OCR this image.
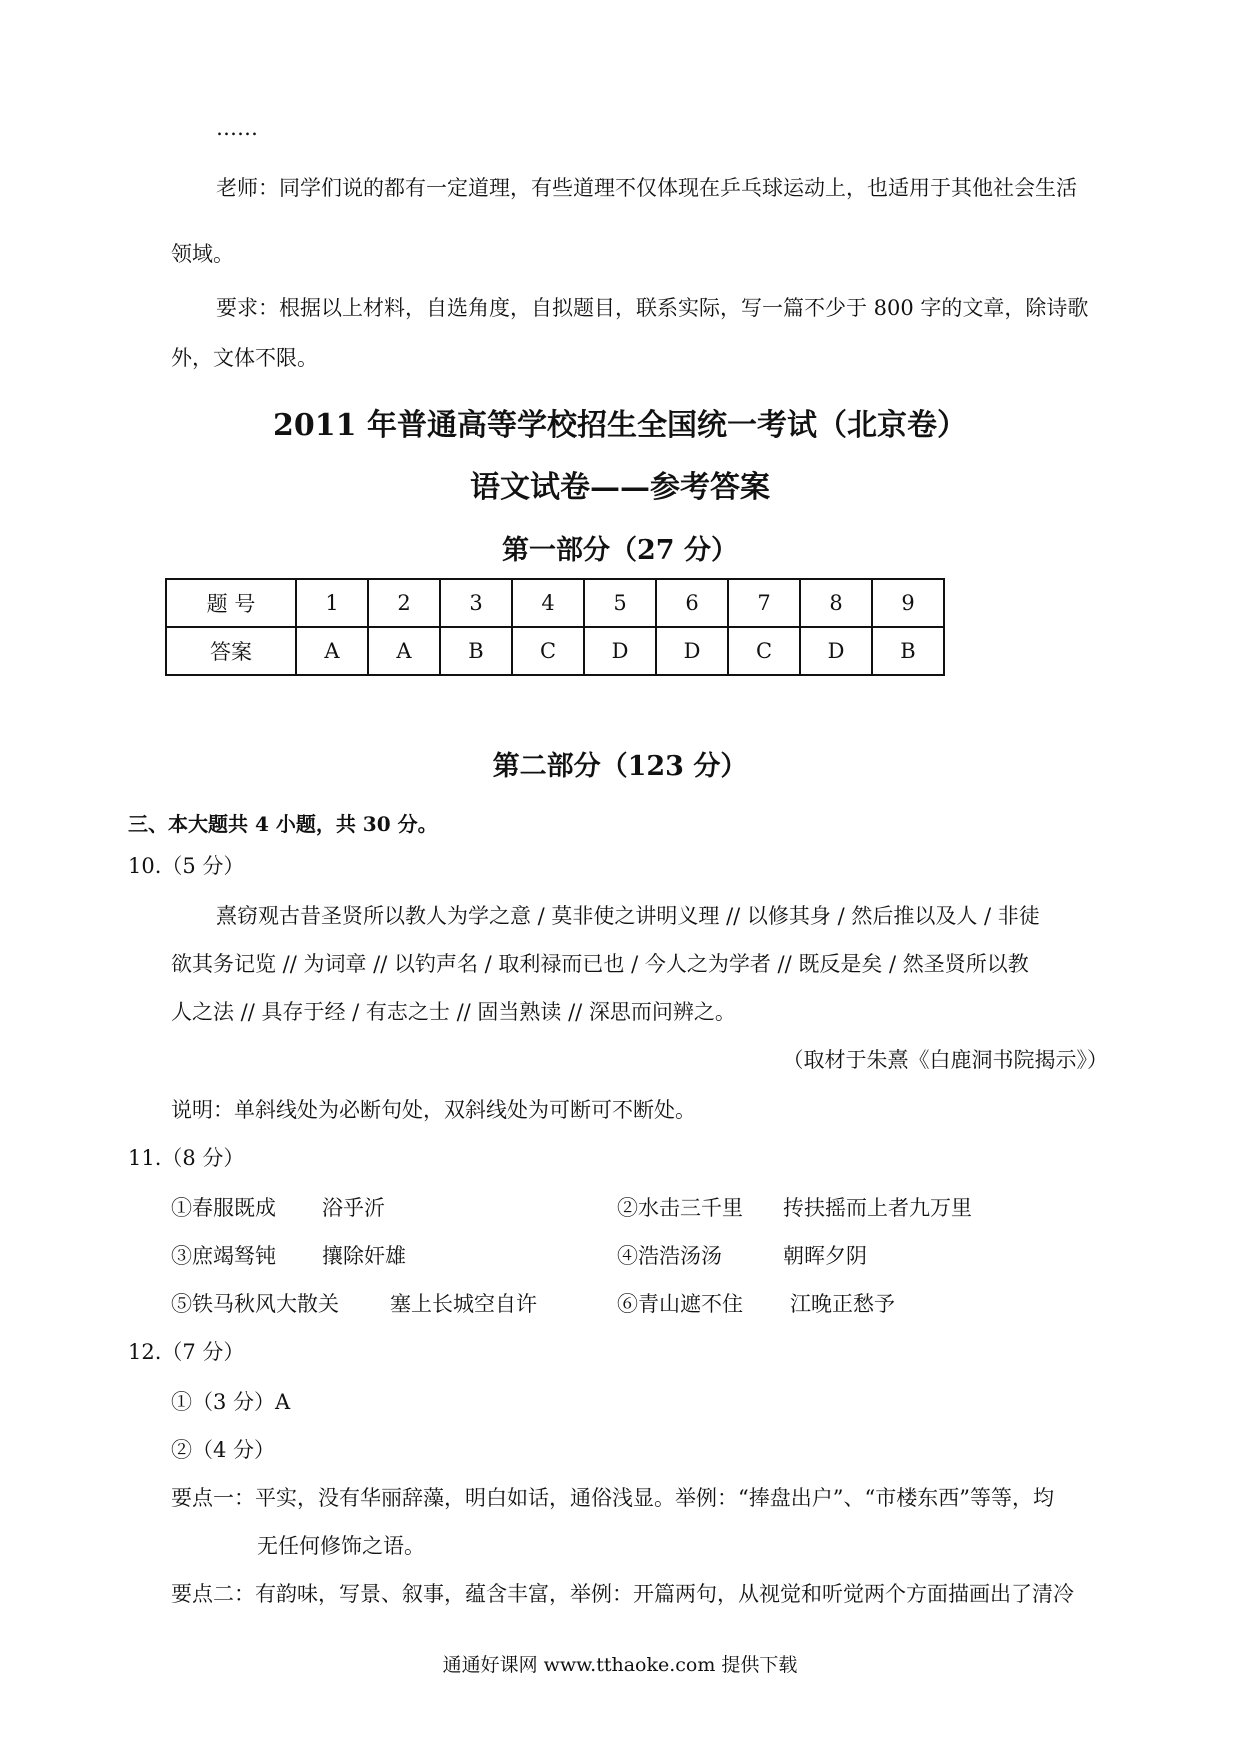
……
老师：同学们说的都有一定道理，有些道理不仅体现在乒乓球运动上，也适用于其他社会生活
领域。
要求：根据以上材料，自选角度，自拟题目，联系实际，写一篇不少于 800 字的文章，除诗歌
外，文体不限。
2011 年普通高等学校招生全国统一考试（北京卷）
语文试卷——参考答案
第一部分（27 分）
题 号	1	2	3	4	5	6	7	8	9
答案	A	A	B	C	D	D	C	D	B
第二部分（123 分）
三、本大题共 4 小题，共 30 分。
10.（5 分）
熹窃观古昔圣贤所以教人为学之意 / 莫非使之讲明义理 // 以修其身 / 然后推以及人 / 非徒
欲其务记览 // 为词章 // 以钓声名 / 取利禄而已也 / 今人之为学者 // 既反是矣 / 然圣贤所以教
人之法 // 具存于经 / 有志之士 // 固当熟读 // 深思而问辨之。
（取材于朱熹《白鹿洞书院揭示》）
说明：单斜线处为必断句处，双斜线处为可断可不断处。
11.（8 分）
①春服既成 浴乎沂	②水击三千里 抟扶摇而上者九万里
③庶竭驽钝 攘除奸雄	④浩浩汤汤	朝晖夕阴
⑤铁马秋风大散关 塞上长城空自许	⑥青山遮不住 江晚正愁予
12.（7 分）
①（3 分）A
②（4 分）
要点一：平实，没有华丽辞藻，明白如话，通俗浅显。举例：“捧盘出户”、“市楼东西”等等，均
无任何修饰之语。
要点二：有韵味，写景、叙事，蕴含丰富，举例：开篇两句，从视觉和听觉两个方面描画出了清冷
通通好课网 www.tthaoke.com 提供下载
